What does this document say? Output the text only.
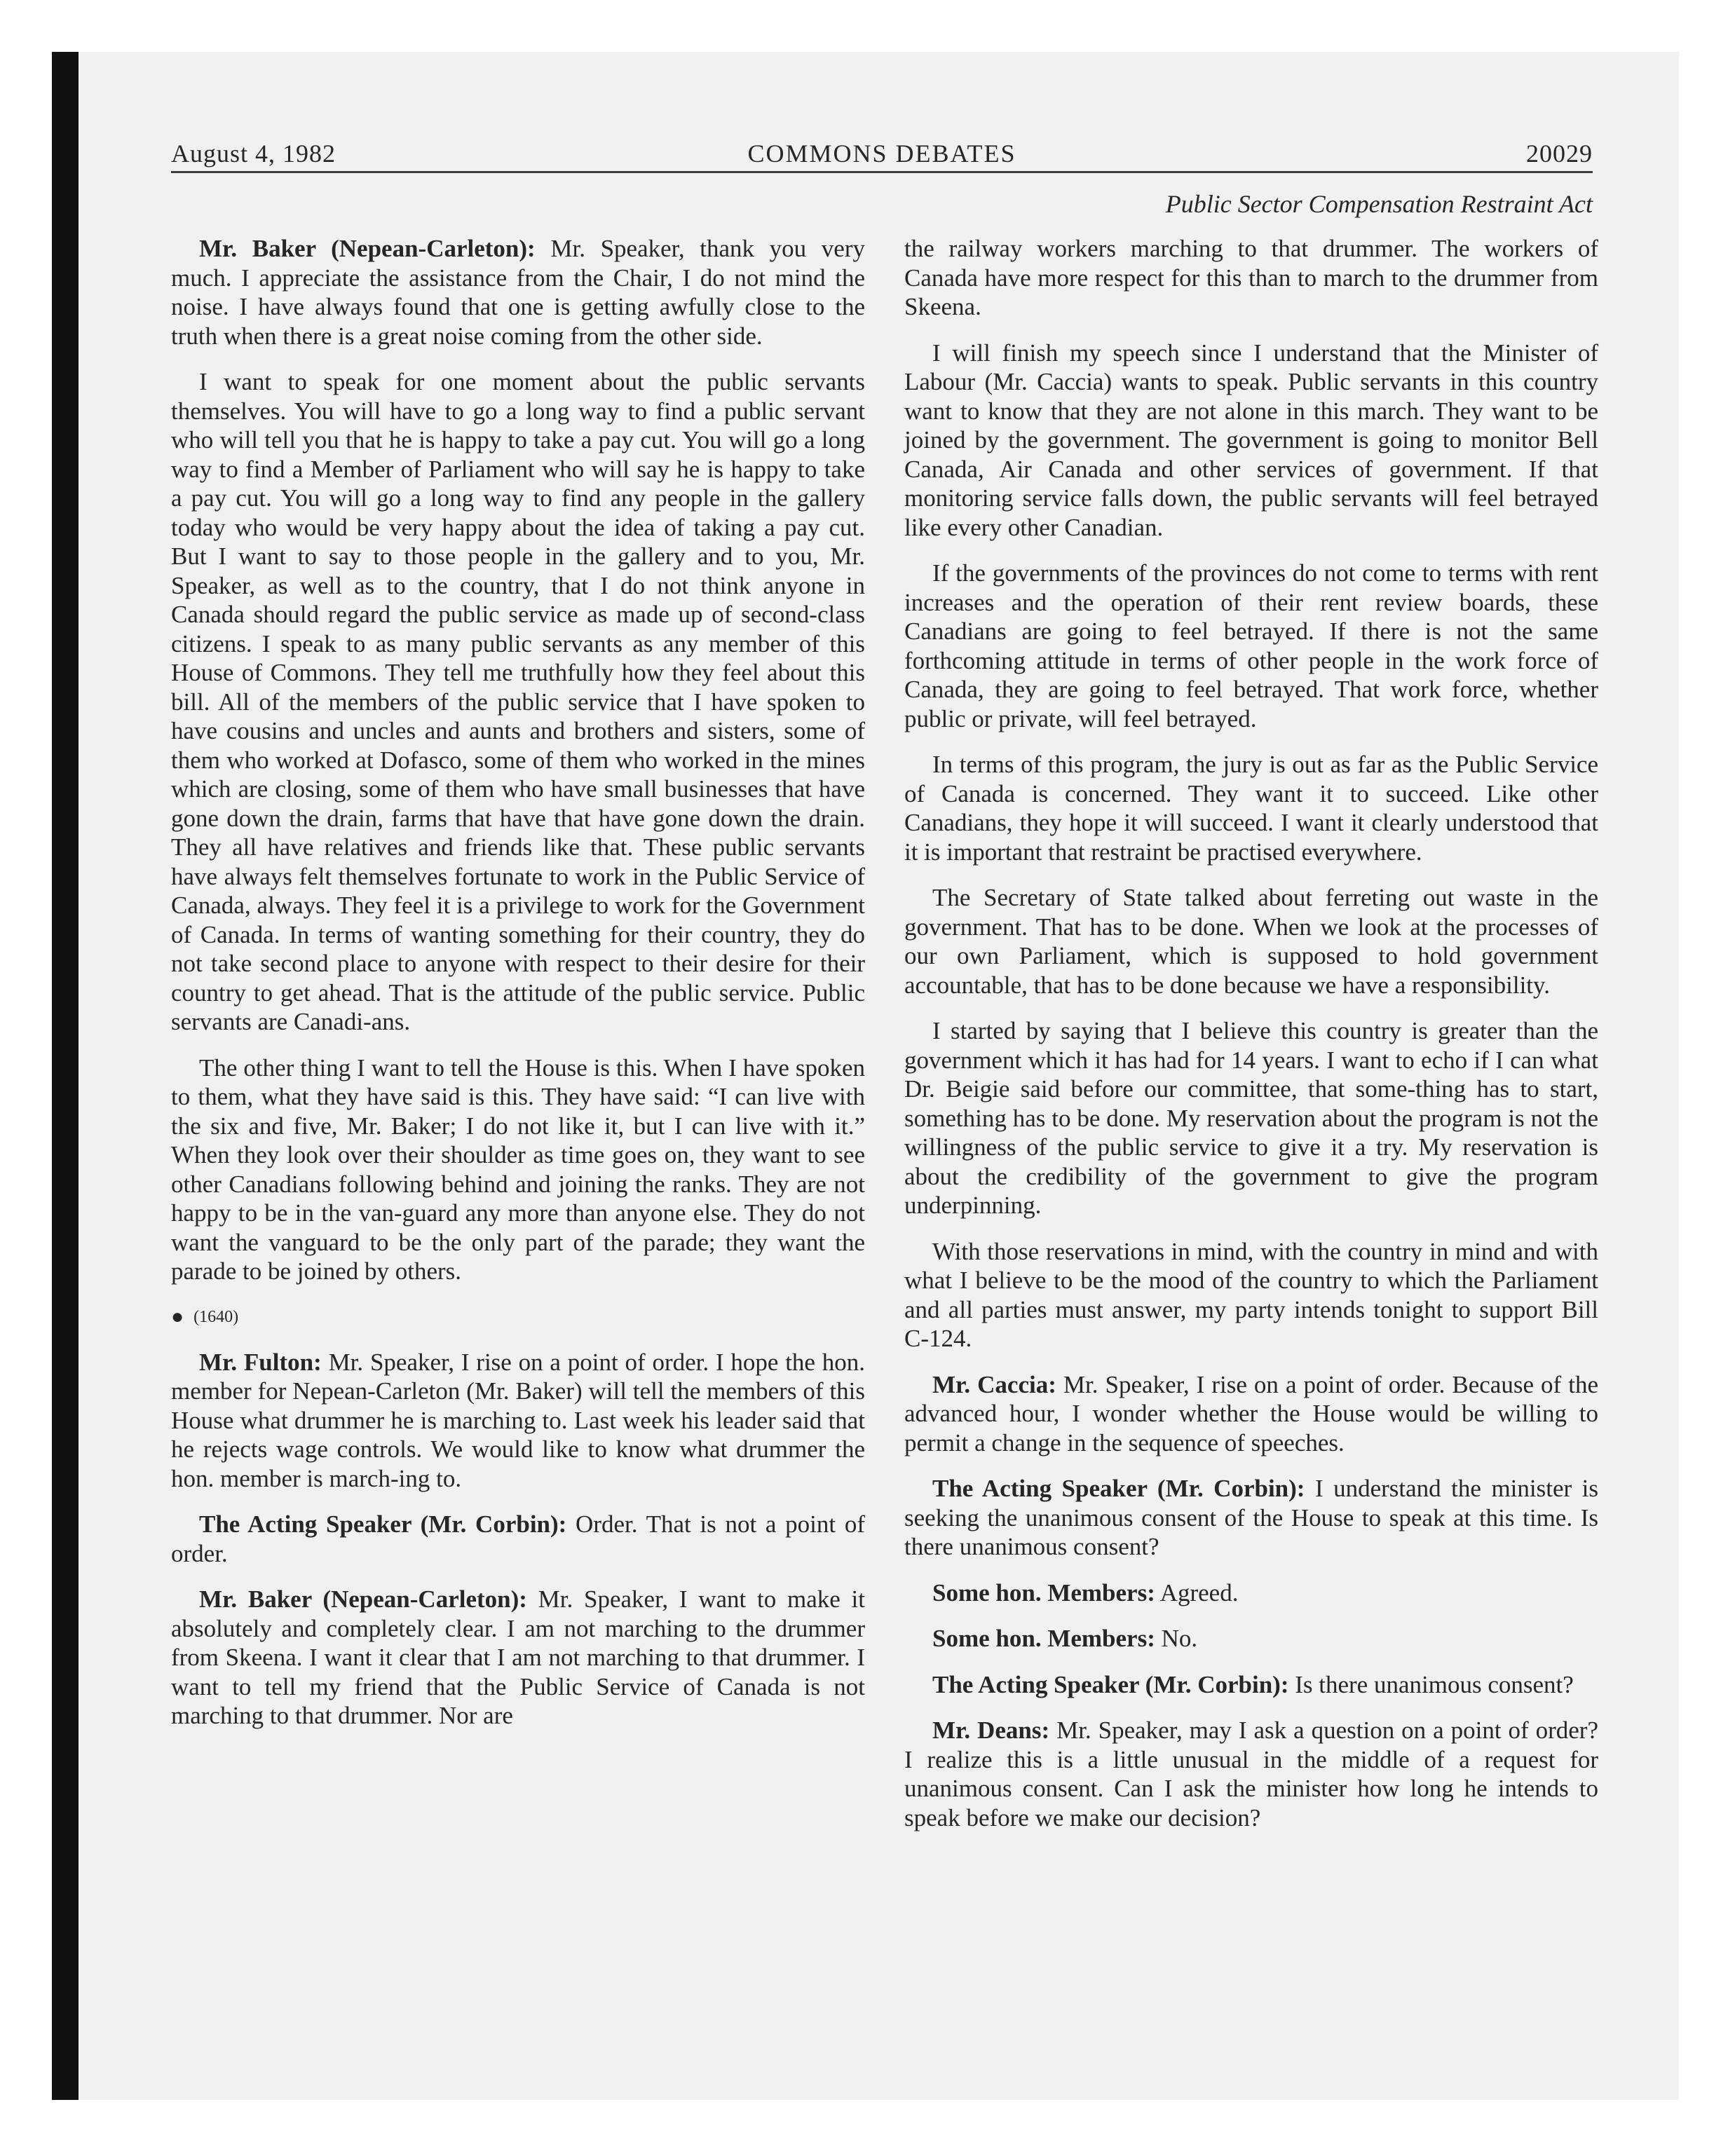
August 4, 1982	COMMONS DEBATES	20029
Public Sector Compensation Restraint Act

Mr. Baker (Nepean-Carleton): Mr. Speaker, thank you very much. I appreciate the assistance from the Chair, I do not mind the noise. I have always found that one is getting awfully close to the truth when there is a great noise coming from the other side.

I want to speak for one moment about the public servants themselves. You will have to go a long way to find a public servant who will tell you that he is happy to take a pay cut. You will go a long way to find a Member of Parliament who will say he is happy to take a pay cut. You will go a long way to find any people in the gallery today who would be very happy about the idea of taking a pay cut. But I want to say to those people in the gallery and to you, Mr. Speaker, as well as to the country, that I do not think anyone in Canada should regard the public service as made up of second-class citizens. I speak to as many public servants as any member of this House of Commons. They tell me truthfully how they feel about this bill. All of the members of the public service that I have spoken to have cousins and uncles and aunts and brothers and sisters, some of them who worked at Dofasco, some of them who worked in the mines which are closing, some of them who have small businesses that have gone down the drain, farms that have that have gone down the drain. They all have relatives and friends like that. These public servants have always felt themselves fortunate to work in the Public Service of Canada, always. They feel it is a privilege to work for the Government of Canada. In terms of wanting something for their country, they do not take second place to anyone with respect to their desire for their country to get ahead. That is the attitude of the public service. Public servants are Canadi-ans.

The other thing I want to tell the House is this. When I have spoken to them, what they have said is this. They have said: “I can live with the six and five, Mr. Baker; I do not like it, but I can live with it.” When they look over their shoulder as time goes on, they want to see other Canadians following behind and joining the ranks. They are not happy to be in the van-guard any more than anyone else. They do not want the vanguard to be the only part of the parade; they want the parade to be joined by others.

● (1640)

Mr. Fulton: Mr. Speaker, I rise on a point of order. I hope the hon. member for Nepean-Carleton (Mr. Baker) will tell the members of this House what drummer he is marching to. Last week his leader said that he rejects wage controls. We would like to know what drummer the hon. member is march-ing to.

The Acting Speaker (Mr. Corbin): Order. That is not a point of order.

Mr. Baker (Nepean-Carleton): Mr. Speaker, I want to make it absolutely and completely clear. I am not marching to the drummer from Skeena. I want it clear that I am not marching to that drummer. I want to tell my friend that the Public Service of Canada is not marching to that drummer. Nor are

the railway workers marching to that drummer. The workers of Canada have more respect for this than to march to the drummer from Skeena.

I will finish my speech since I understand that the Minister of Labour (Mr. Caccia) wants to speak. Public servants in this country want to know that they are not alone in this march. They want to be joined by the government. The government is going to monitor Bell Canada, Air Canada and other services of government. If that monitoring service falls down, the public servants will feel betrayed like every other Canadian.

If the governments of the provinces do not come to terms with rent increases and the operation of their rent review boards, these Canadians are going to feel betrayed. If there is not the same forthcoming attitude in terms of other people in the work force of Canada, they are going to feel betrayed. That work force, whether public or private, will feel betrayed.

In terms of this program, the jury is out as far as the Public Service of Canada is concerned. They want it to succeed. Like other Canadians, they hope it will succeed. I want it clearly understood that it is important that restraint be practised everywhere.

The Secretary of State talked about ferreting out waste in the government. That has to be done. When we look at the processes of our own Parliament, which is supposed to hold government accountable, that has to be done because we have a responsibility.

I started by saying that I believe this country is greater than the government which it has had for 14 years. I want to echo if I can what Dr. Beigie said before our committee, that some-thing has to start, something has to be done. My reservation about the program is not the willingness of the public service to give it a try. My reservation is about the credibility of the government to give the program underpinning.

With those reservations in mind, with the country in mind and with what I believe to be the mood of the country to which the Parliament and all parties must answer, my party intends tonight to support Bill C-124.

Mr. Caccia: Mr. Speaker, I rise on a point of order. Because of the advanced hour, I wonder whether the House would be willing to permit a change in the sequence of speeches.

The Acting Speaker (Mr. Corbin): I understand the minister is seeking the unanimous consent of the House to speak at this time. Is there unanimous consent?

Some hon. Members: Agreed.

Some hon. Members: No.

The Acting Speaker (Mr. Corbin): Is there unanimous consent?

Mr. Deans: Mr. Speaker, may I ask a question on a point of order? I realize this is a little unusual in the middle of a request for unanimous consent. Can I ask the minister how long he intends to speak before we make our decision?
